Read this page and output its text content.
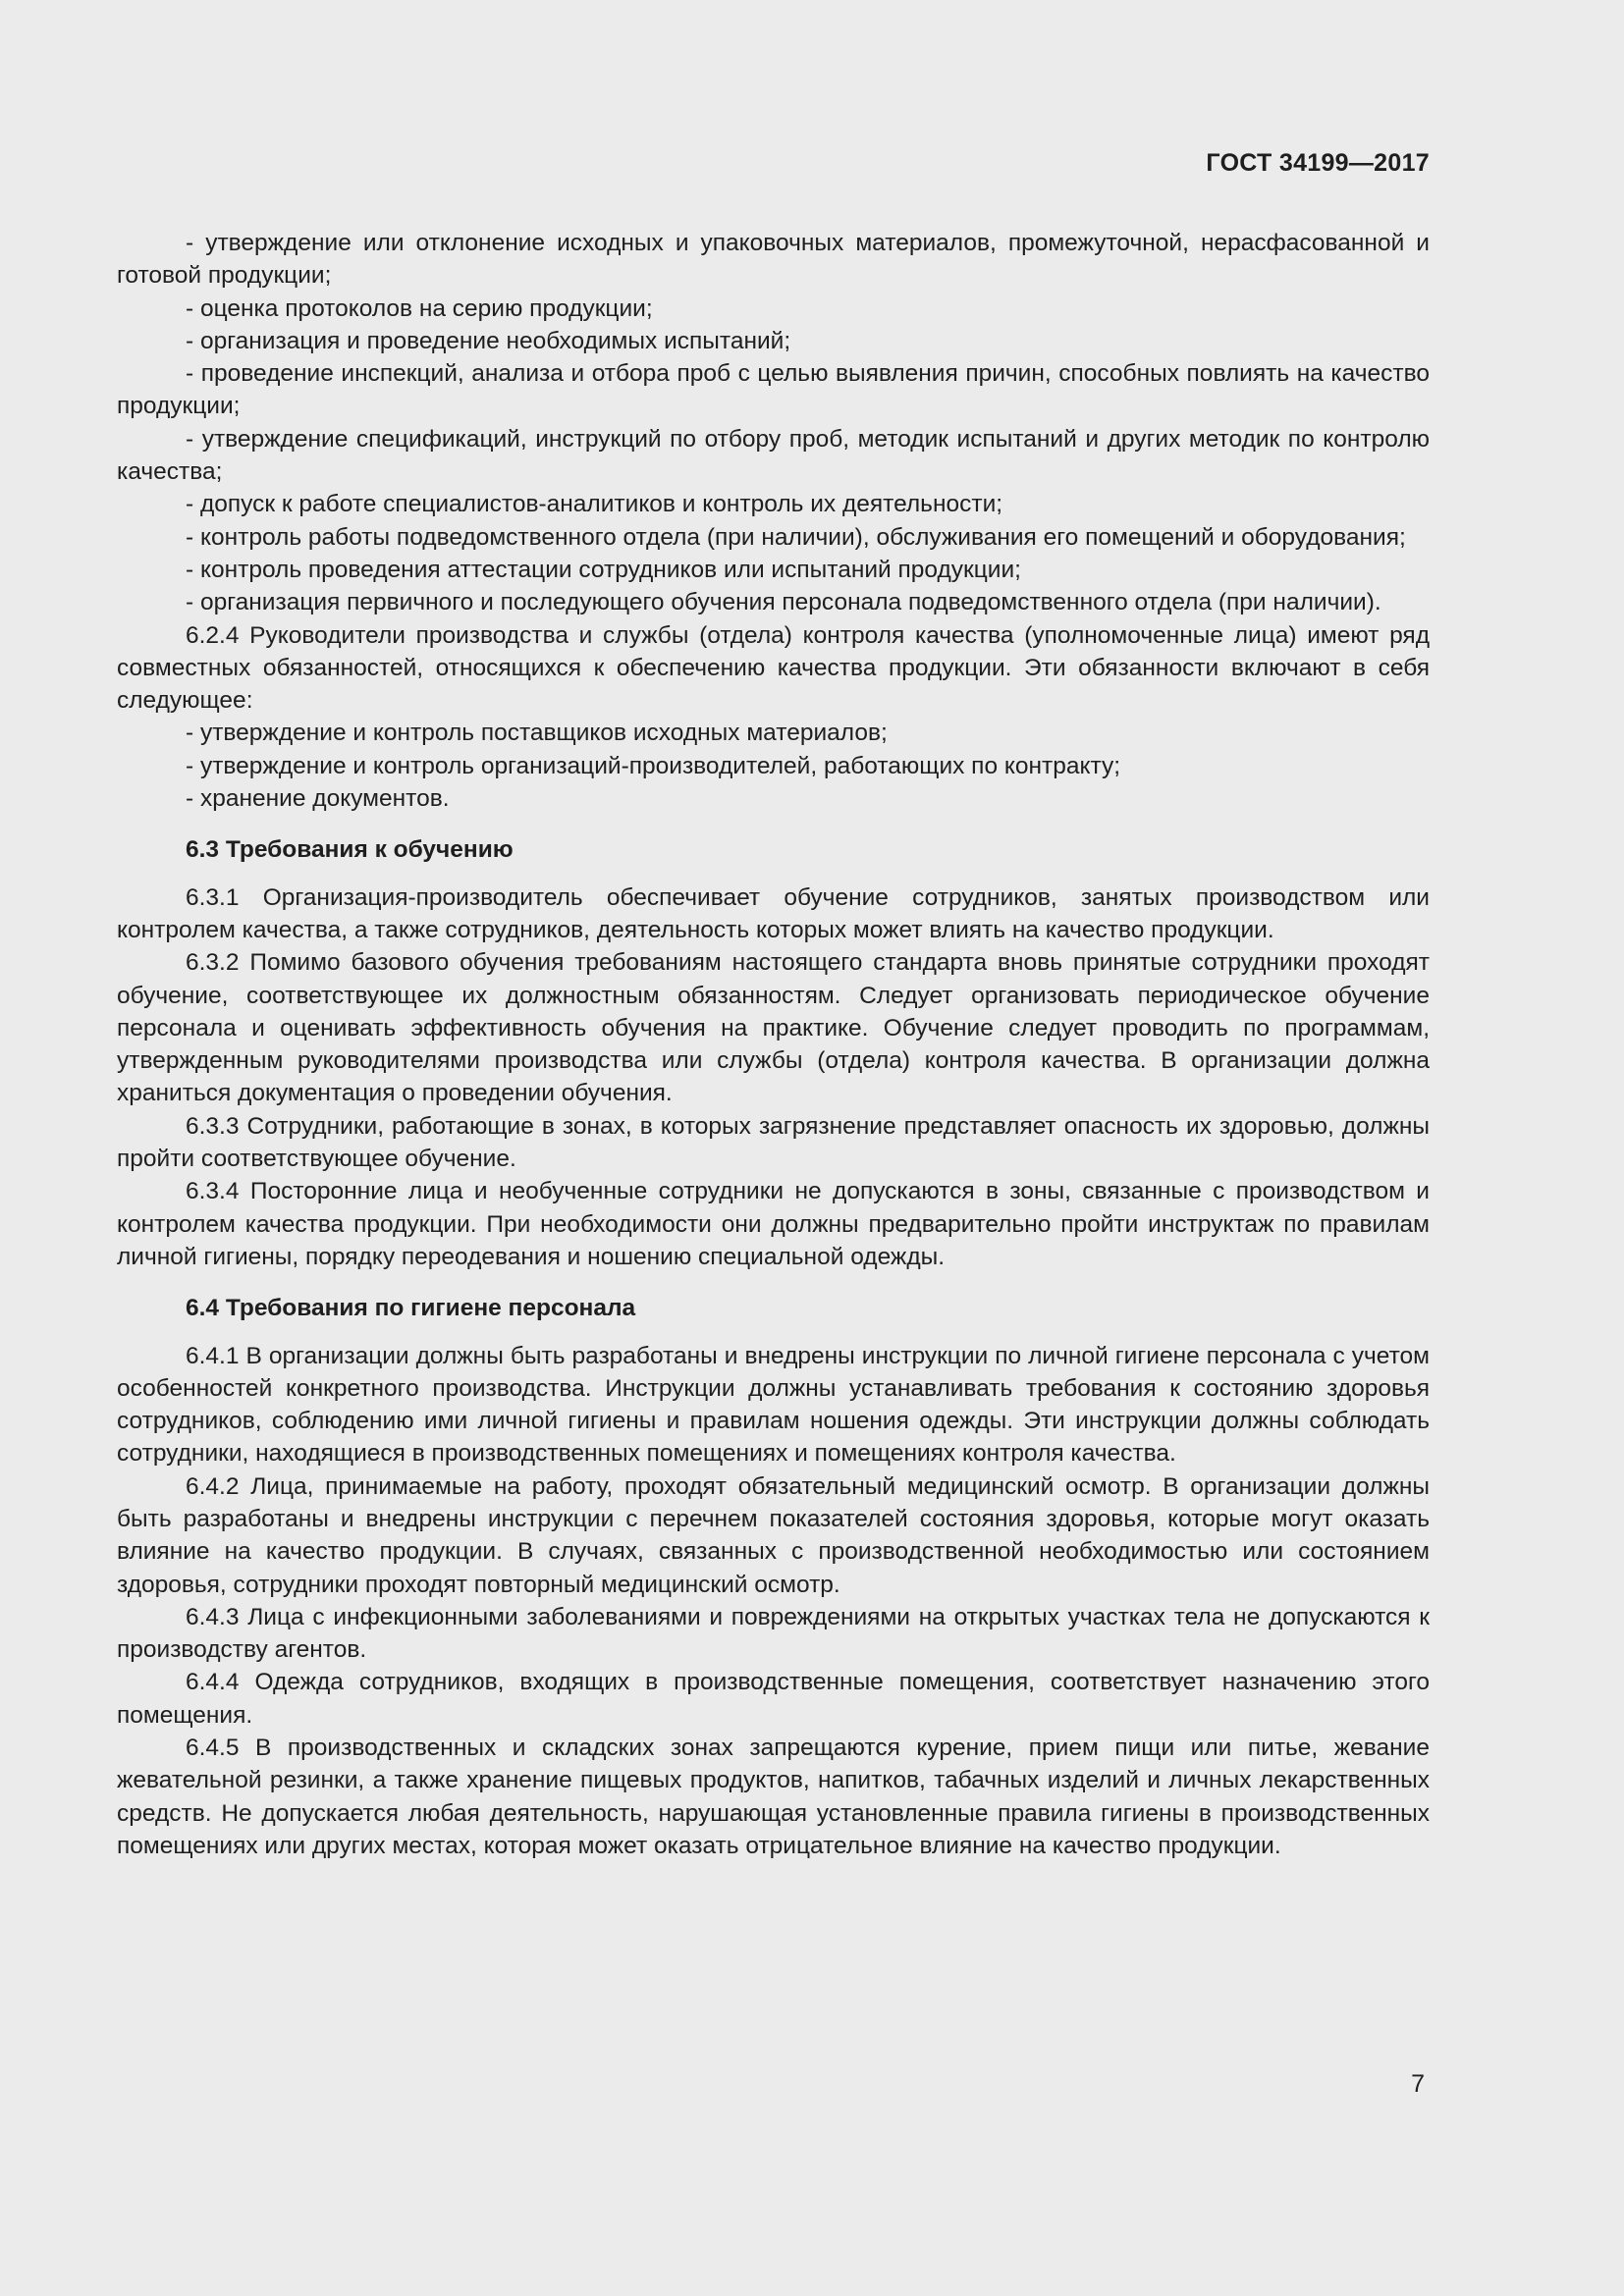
ГОСТ 34199—2017

- утверждение или отклонение исходных и упаковочных материалов, промежуточной, нерасфасованной и готовой продукции;

- оценка протоколов на серию продукции;

- организация и проведение необходимых испытаний;

- проведение инспекций, анализа и отбора проб с целью выявления причин, способных повлиять на качество продукции;

- утверждение спецификаций, инструкций по отбору проб, методик испытаний и других методик по контролю качества;

- допуск к работе специалистов-аналитиков и контроль их деятельности;

- контроль работы подведомственного отдела (при наличии), обслуживания его помещений и оборудования;

- контроль проведения аттестации сотрудников или испытаний продукции;

- организация первичного и последующего обучения персонала подведомственного отдела (при наличии).

6.2.4 Руководители производства и службы (отдела) контроля качества (уполномоченные лица) имеют ряд совместных обязанностей, относящихся к обеспечению качества продукции. Эти обязанности включают в себя следующее:

- утверждение и контроль поставщиков исходных материалов;

- утверждение и контроль организаций-производителей, работающих по контракту;

- хранение документов.

6.3 Требования к обучению

6.3.1 Организация-производитель обеспечивает обучение сотрудников, занятых производством или контролем качества, а также сотрудников, деятельность которых может влиять на качество продукции.

6.3.2 Помимо базового обучения требованиям настоящего стандарта вновь принятые сотрудники проходят обучение, соответствующее их должностным обязанностям. Следует организовать периодическое обучение персонала и оценивать эффективность обучения на практике. Обучение следует проводить по программам, утвержденным руководителями производства или службы (отдела) контроля качества. В организации должна храниться документация о проведении обучения.

6.3.3 Сотрудники, работающие в зонах, в которых загрязнение представляет опасность их здоровью, должны пройти соответствующее обучение.

6.3.4 Посторонние лица и необученные сотрудники не допускаются в зоны, связанные с производством и контролем качества продукции. При необходимости они должны предварительно пройти инструктаж по правилам личной гигиены, порядку переодевания и ношению специальной одежды.

6.4 Требования по гигиене персонала

6.4.1 В организации должны быть разработаны и внедрены инструкции по личной гигиене персонала с учетом особенностей конкретного производства. Инструкции должны устанавливать требования к состоянию здоровья сотрудников, соблюдению ими личной гигиены и правилам ношения одежды. Эти инструкции должны соблюдать сотрудники, находящиеся в производственных помещениях и помещениях контроля качества.

6.4.2 Лица, принимаемые на работу, проходят обязательный медицинский осмотр. В организации должны быть разработаны и внедрены инструкции с перечнем показателей состояния здоровья, которые могут оказать влияние на качество продукции. В случаях, связанных с производственной необходимостью или состоянием здоровья, сотрудники проходят повторный медицинский осмотр.

6.4.3 Лица с инфекционными заболеваниями и повреждениями на открытых участках тела не допускаются к производству агентов.

6.4.4 Одежда сотрудников, входящих в производственные помещения, соответствует назначению этого помещения.

6.4.5 В производственных и складских зонах запрещаются курение, прием пищи или питье, жевание жевательной резинки, а также хранение пищевых продуктов, напитков, табачных изделий и личных лекарственных средств. Не допускается любая деятельность, нарушающая установленные правила гигиены в производственных помещениях или других местах, которая может оказать отрицательное влияние на качество продукции.

7
